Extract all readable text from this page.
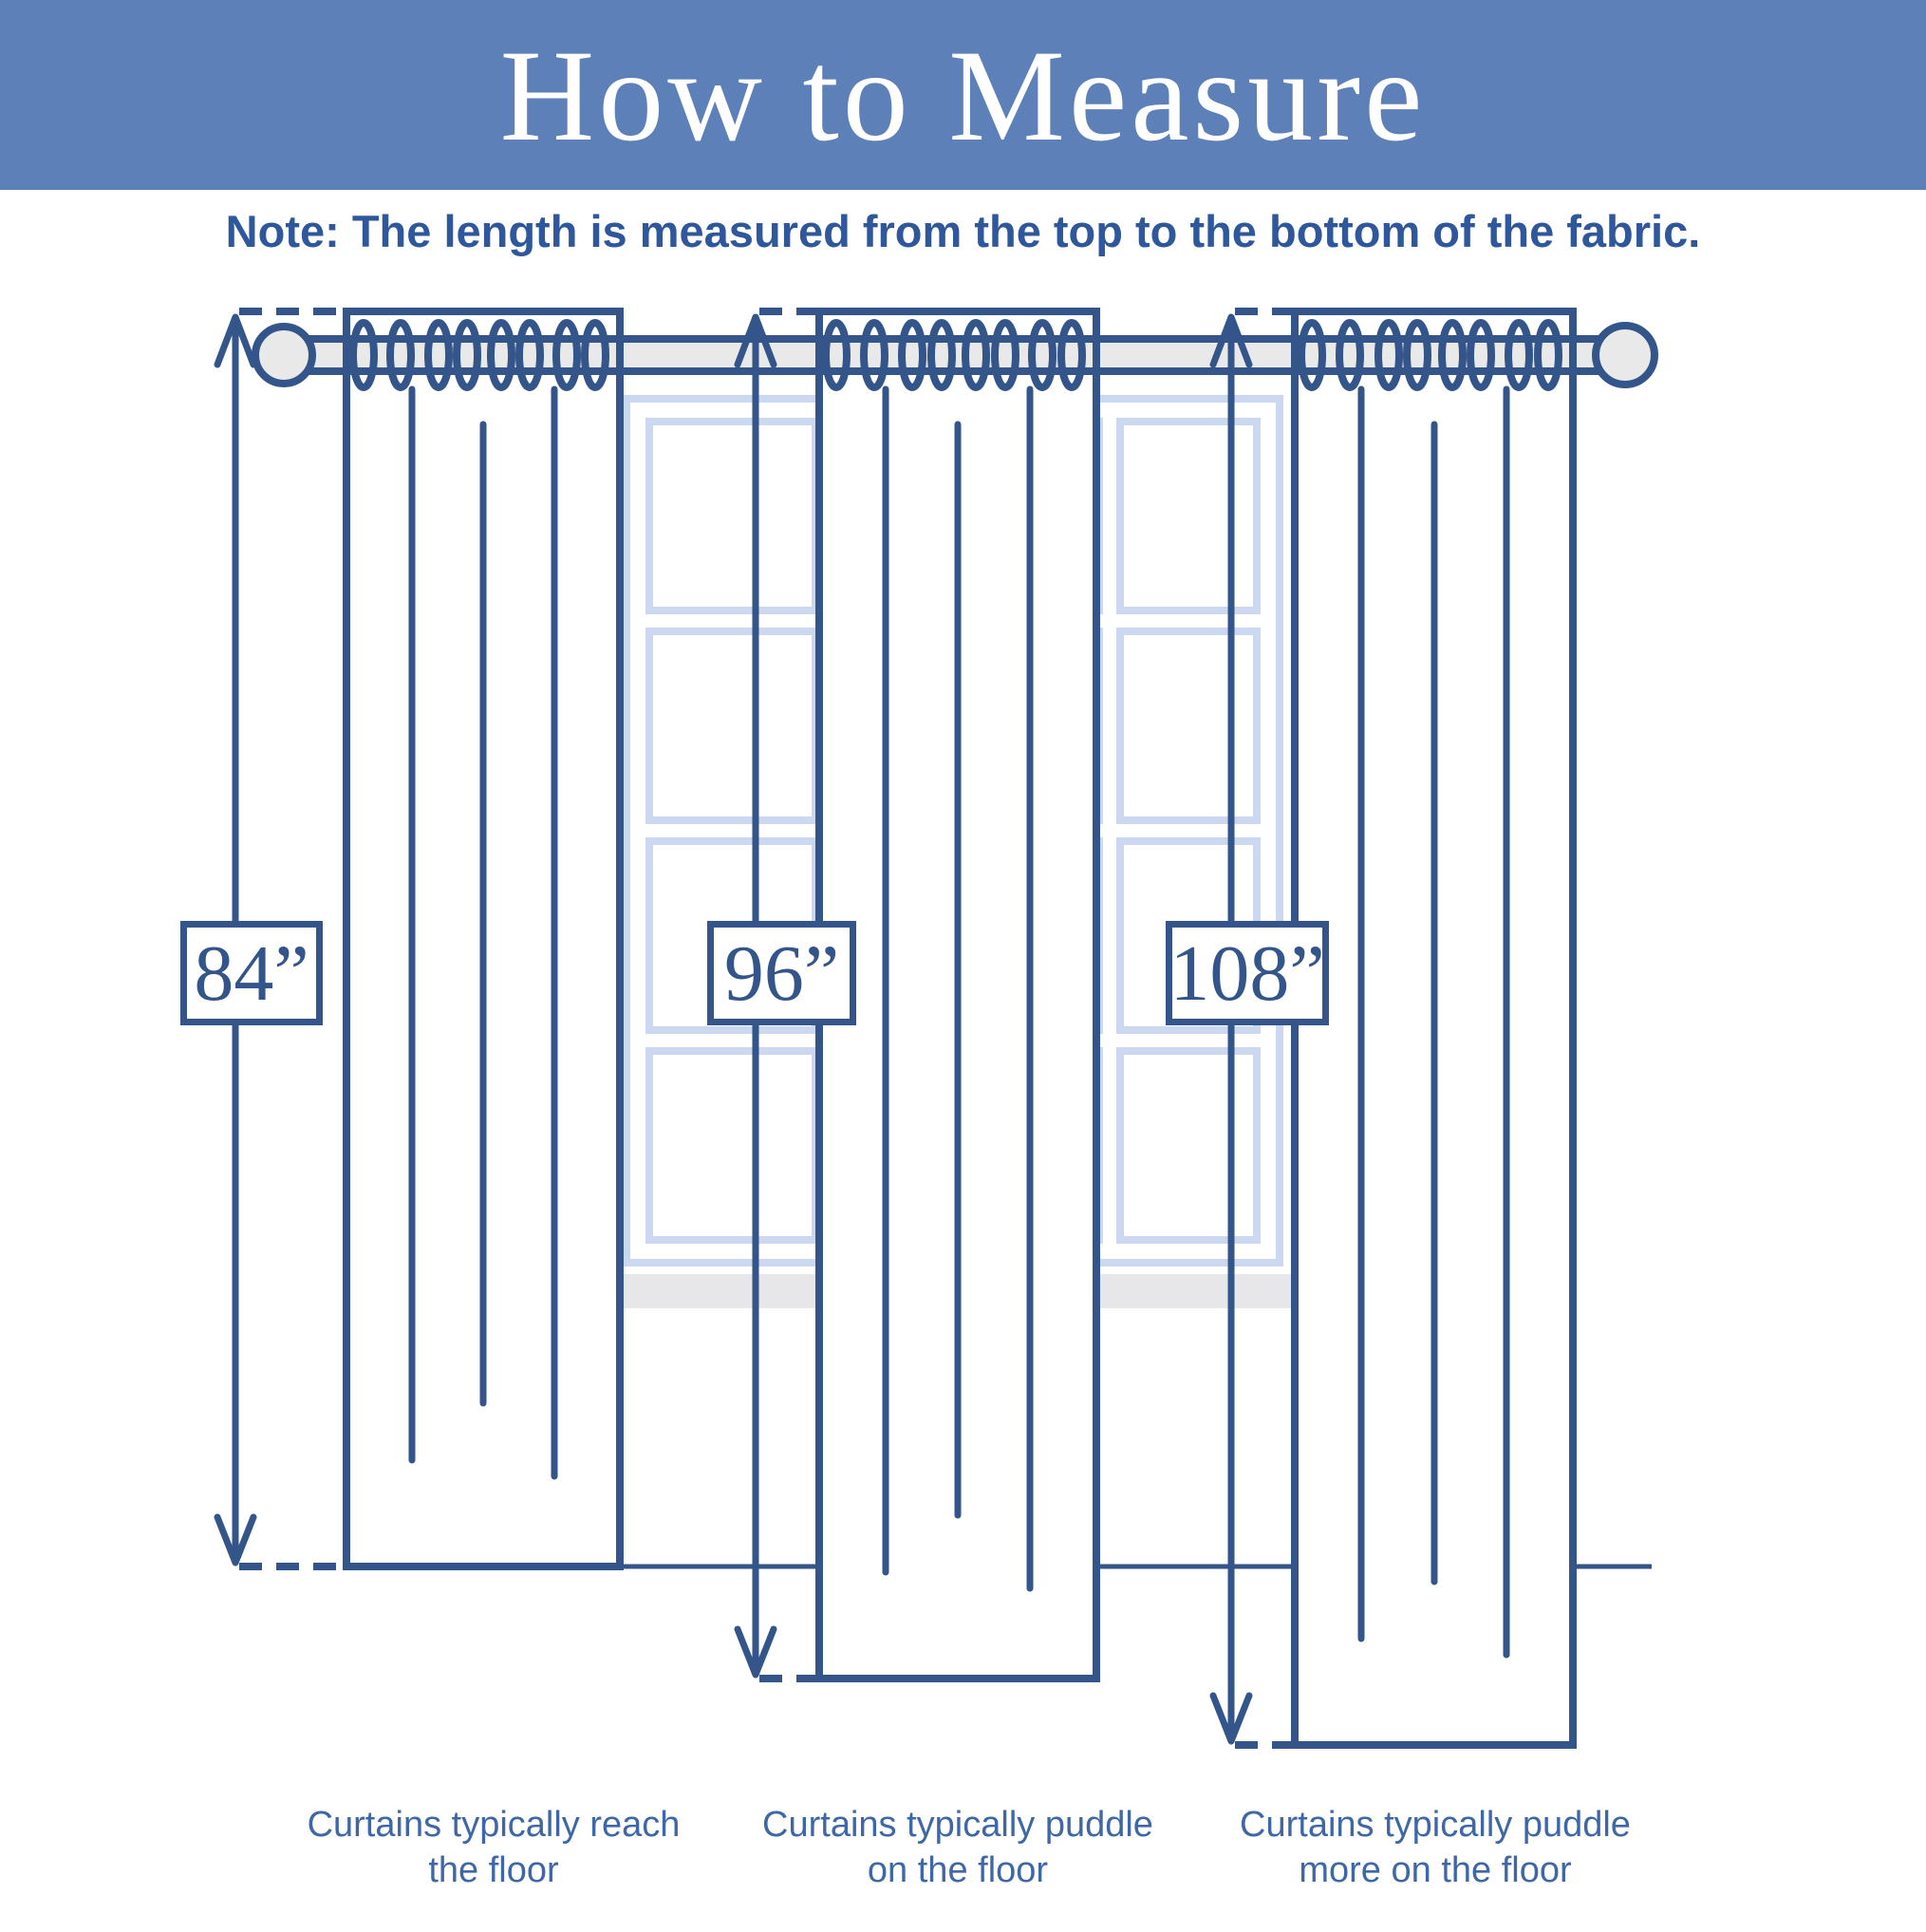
How to Measure
Note: The length is measured from the top to the bottom of the fabric.
84”	96”	108”
Curtains typically reach
the floor
Curtains typically puddle
on the floor
Curtains typically puddle
more on the floor
